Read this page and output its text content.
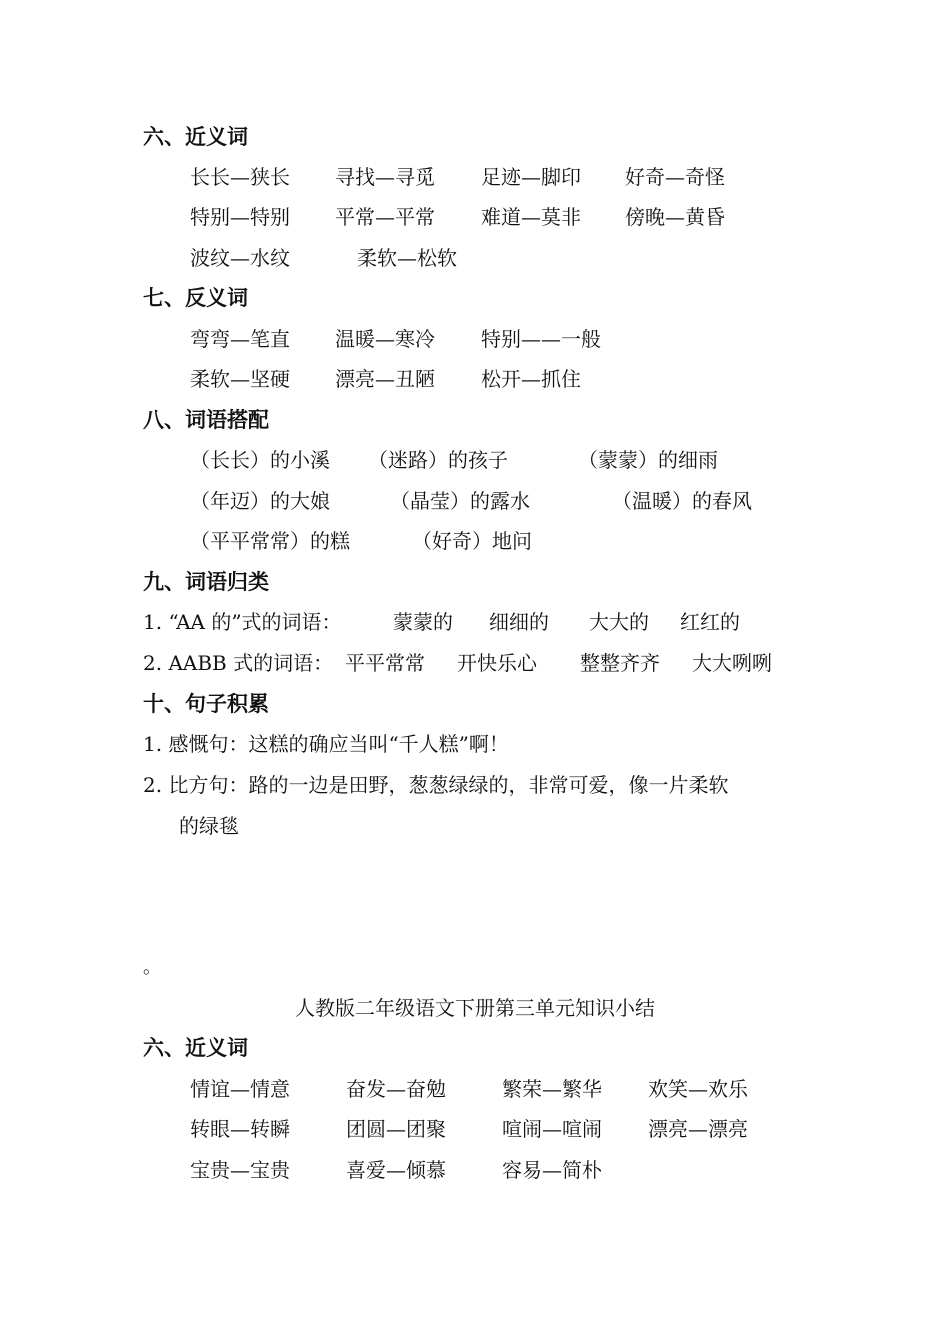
六、近义词
长长—狭长 寻找—寻觅 足迹—脚印 好奇—奇怪
特别—特别 平常—平常 难道—莫非 傍晚—黄昏
波纹—水纹	柔软—松软
七、反义词
弯弯—笔直 温暖—寒冷 特别——一般
柔软—坚硬 漂亮—丑陋 松开—抓住
八、词语搭配
（长长）的小溪 （迷路）的孩子	（蒙蒙）的细雨
（年迈）的大娘	（晶莹）的露水	（温暖）的春风
（平平常常）的糕	（好奇）地问
九、词语归类
1. “AA 的”式的词语：	蒙蒙的 细细的 大大的 红红的
2. AABB 式的词语： 平平常常 开快乐心 整整齐齐 大大咧咧
十、句子积累
1. 感慨句：这糕的确应当叫“千人糕”啊！
2. 比方句：路的一边是田野，葱葱绿绿的，非常可爱，像一片柔软
的绿毯
。
人教版二年级语文下册第三单元知识小结
六、近义词
情谊—情意	奋发—奋勉	繁荣—繁华 欢笑—欢乐
转眼—转瞬	团圆—团聚	喧闹—喧闹 漂亮—漂亮
宝贵—宝贵	喜爱—倾慕	容易—简朴
